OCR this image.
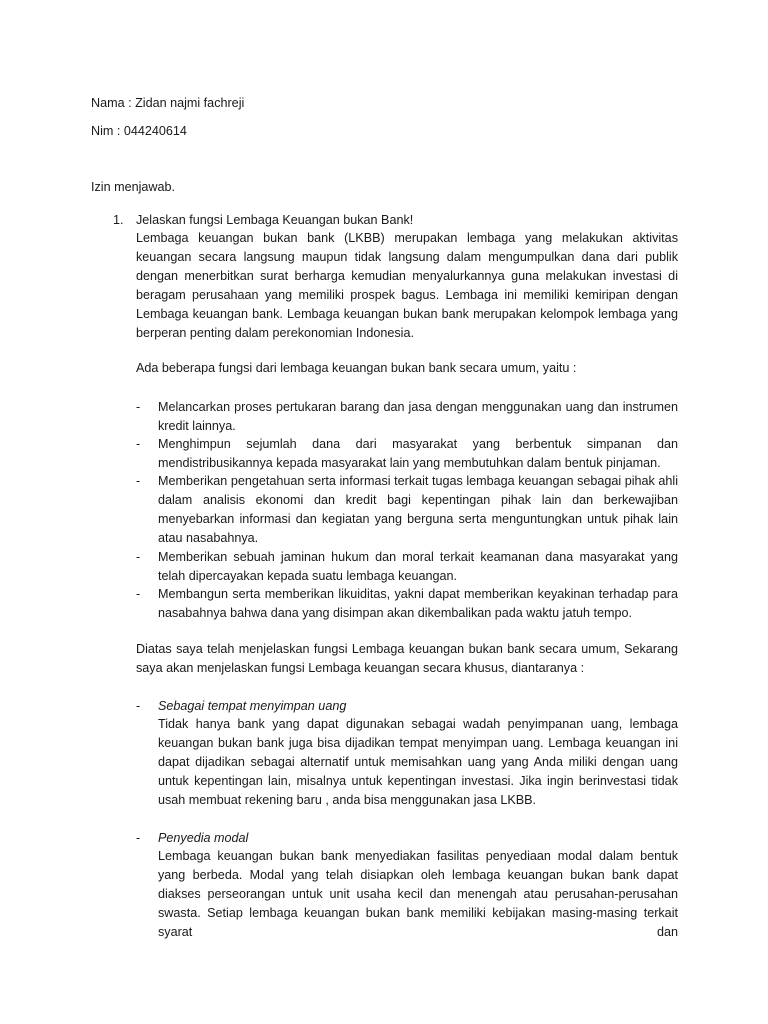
Nama : Zidan najmi fachreji

Nim : 044240614

Izin menjawab.

1. Jelaskan fungsi Lembaga Keuangan bukan Bank!

Lembaga keuangan bukan bank (LKBB) merupakan lembaga yang melakukan aktivitas keuangan secara langsung maupun tidak langsung dalam mengumpulkan dana dari publik dengan menerbitkan surat berharga kemudian menyalurkannya guna melakukan investasi di beragam perusahaan yang memiliki prospek bagus. Lembaga ini memiliki kemiripan dengan Lembaga keuangan bank. Lembaga keuangan bukan bank merupakan kelompok lembaga yang berperan penting dalam perekonomian Indonesia.

Ada beberapa fungsi dari lembaga keuangan bukan bank secara umum, yaitu :

- Melancarkan proses pertukaran barang dan jasa dengan menggunakan uang dan instrumen kredit lainnya.

- Menghimpun sejumlah dana dari masyarakat yang berbentuk simpanan dan mendistribusikannya kepada masyarakat lain yang membutuhkan dalam bentuk pinjaman.

- Memberikan pengetahuan serta informasi terkait tugas lembaga keuangan sebagai pihak ahli dalam analisis ekonomi dan kredit bagi kepentingan pihak lain dan berkewajiban menyebarkan informasi dan kegiatan yang berguna serta menguntungkan untuk pihak lain atau nasabahnya.

- Memberikan sebuah jaminan hukum dan moral terkait keamanan dana masyarakat yang telah dipercayakan kepada suatu lembaga keuangan.

- Membangun serta memberikan likuiditas, yakni dapat memberikan keyakinan terhadap para nasabahnya bahwa dana yang disimpan akan dikembalikan pada waktu jatuh tempo.

Diatas saya telah menjelaskan fungsi Lembaga keuangan bukan bank secara umum, Sekarang saya akan menjelaskan fungsi Lembaga keuangan secara khusus, diantaranya :

- Sebagai tempat menyimpan uang

Tidak hanya bank yang dapat digunakan sebagai wadah penyimpanan uang, lembaga keuangan bukan bank juga bisa dijadikan tempat menyimpan uang. Lembaga keuangan ini dapat dijadikan sebagai alternatif untuk memisahkan uang yang Anda miliki dengan uang untuk kepentingan lain, misalnya untuk kepentingan investasi. Jika ingin berinvestasi tidak usah membuat rekening baru , anda bisa menggunakan jasa LKBB.

- Penyedia modal

Lembaga keuangan bukan bank menyediakan fasilitas penyediaan modal dalam bentuk yang berbeda. Modal yang telah disiapkan oleh lembaga keuangan bukan bank dapat diakses perseorangan untuk unit usaha kecil dan menengah atau perusahan-perusahan swasta. Setiap lembaga keuangan bukan bank memiliki kebijakan masing-masing terkait syarat dan
